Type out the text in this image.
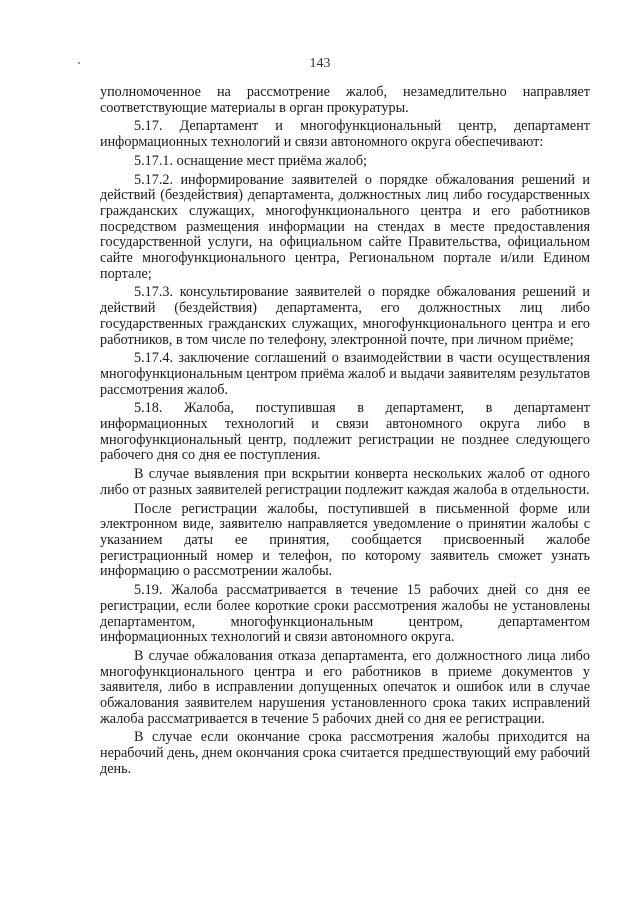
143

уполномоченное на рассмотрение жалоб, незамедлительно направляет соответствующие материалы в орган прокуратуры.

5.17. Департамент и многофункциональный центр, департамент информационных технологий и связи автономного округа обеспечивают:

5.17.1. оснащение мест приёма жалоб;

5.17.2. информирование заявителей о порядке обжалования решений и действий (бездействия) департамента, должностных лиц либо государственных гражданских служащих, многофункционального центра и его работников посредством размещения информации на стендах в месте предоставления государственной услуги, на официальном сайте Правительства, официальном сайте многофункционального центра, Региональном портале и/или Едином портале;

5.17.3. консультирование заявителей о порядке обжалования решений и действий (бездействия) департамента, его должностных лиц либо государственных гражданских служащих, многофункционального центра и его работников, в том числе по телефону, электронной почте, при личном приёме;

5.17.4. заключение соглашений о взаимодействии в части осуществления многофункциональным центром приёма жалоб и выдачи заявителям результатов рассмотрения жалоб.

5.18. Жалоба, поступившая в департамент, в департамент информационных технологий и связи автономного округа либо в многофункциональный центр, подлежит регистрации не позднее следующего рабочего дня со дня ее поступления.

В случае выявления при вскрытии конверта нескольких жалоб от одного либо от разных заявителей регистрации подлежит каждая жалоба в отдельности.

После регистрации жалобы, поступившей в письменной форме или электронном виде, заявителю направляется уведомление о принятии жалобы с указанием даты ее принятия, сообщается присвоенный жалобе регистрационный номер и телефон, по которому заявитель сможет узнать информацию о рассмотрении жалобы.

5.19. Жалоба рассматривается в течение 15 рабочих дней со дня ее регистрации, если более короткие сроки рассмотрения жалобы не установлены департаментом, многофункциональным центром, департаментом информационных технологий и связи автономного округа.

В случае обжалования отказа департамента, его должностного лица либо многофункционального центра и его работников в приеме документов у заявителя, либо в исправлении допущенных опечаток и ошибок или в случае обжалования заявителем нарушения установленного срока таких исправлений жалоба рассматривается в течение 5 рабочих дней со дня ее регистрации.

В случае если окончание срока рассмотрения жалобы приходится на нерабочий день, днем окончания срока считается предшествующий ему рабочий день.
